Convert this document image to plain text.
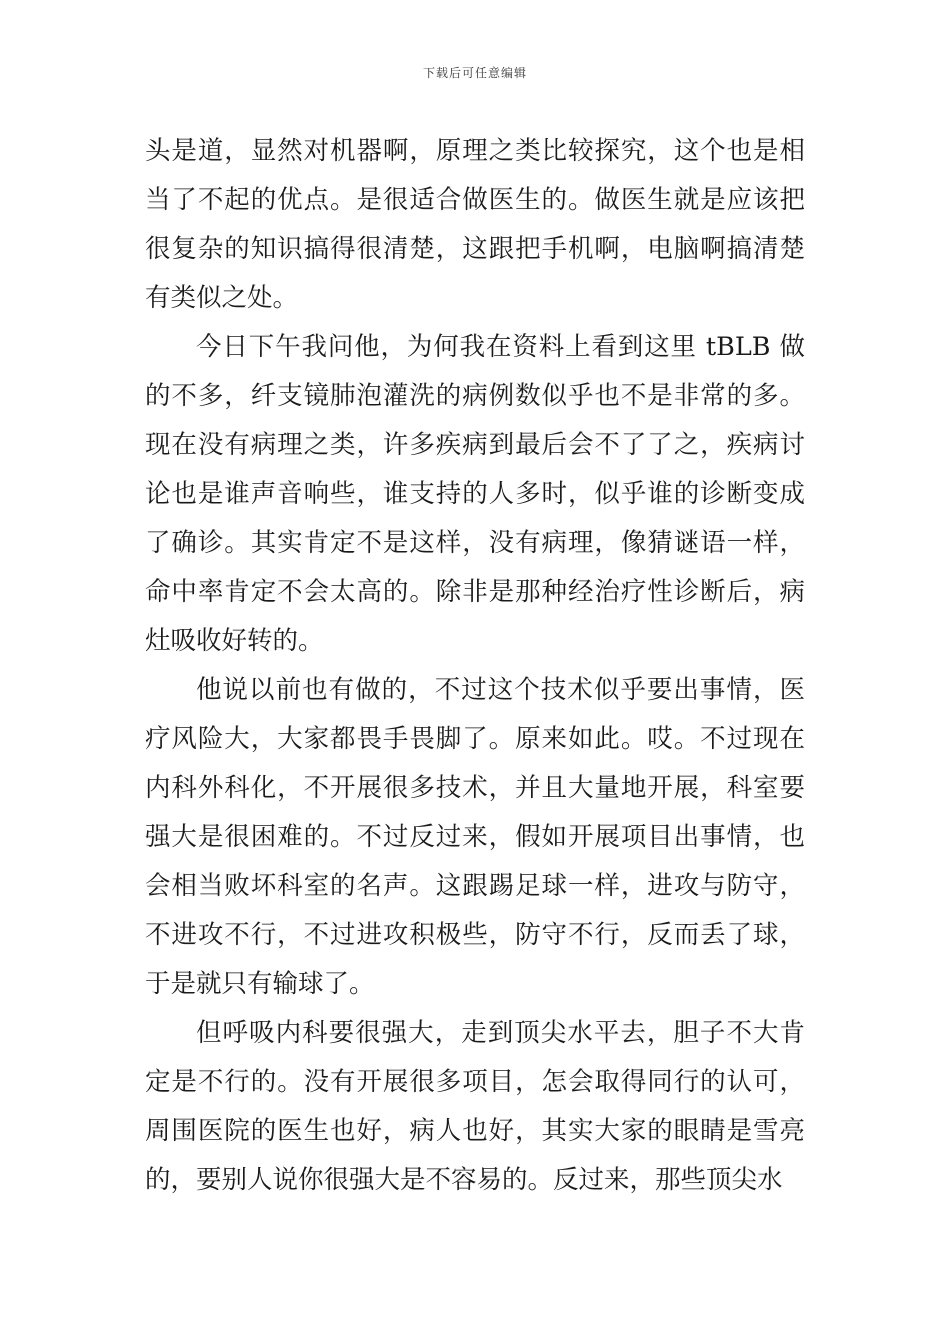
下载后可任意编辑

头是道，显然对机器啊，原理之类比较探究，这个也是相当了不起的优点。是很适合做医生的。做医生就是应该把很复杂的知识搞得很清楚，这跟把手机啊，电脑啊搞清楚有类似之处。

今日下午我问他，为何我在资料上看到这里 tBLB 做的不多，纤支镜肺泡灌洗的病例数似乎也不是非常的多。现在没有病理之类，许多疾病到最后会不了了之，疾病讨论也是谁声音响些，谁支持的人多时，似乎谁的诊断变成了确诊。其实肯定不是这样，没有病理，像猜谜语一样，命中率肯定不会太高的。除非是那种经治疗性诊断后，病灶吸收好转的。

他说以前也有做的，不过这个技术似乎要出事情，医疗风险大，大家都畏手畏脚了。原来如此。哎。不过现在内科外科化，不开展很多技术，并且大量地开展，科室要强大是很困难的。不过反过来，假如开展项目出事情，也会相当败坏科室的名声。这跟踢足球一样，进攻与防守，不进攻不行，不过进攻积极些，防守不行，反而丢了球，于是就只有输球了。

但呼吸内科要很强大，走到顶尖水平去，胆子不大肯定是不行的。没有开展很多项目，怎会取得同行的认可，周围医院的医生也好，病人也好，其实大家的眼睛是雪亮的，要别人说你很强大是不容易的。反过来，那些顶尖水
